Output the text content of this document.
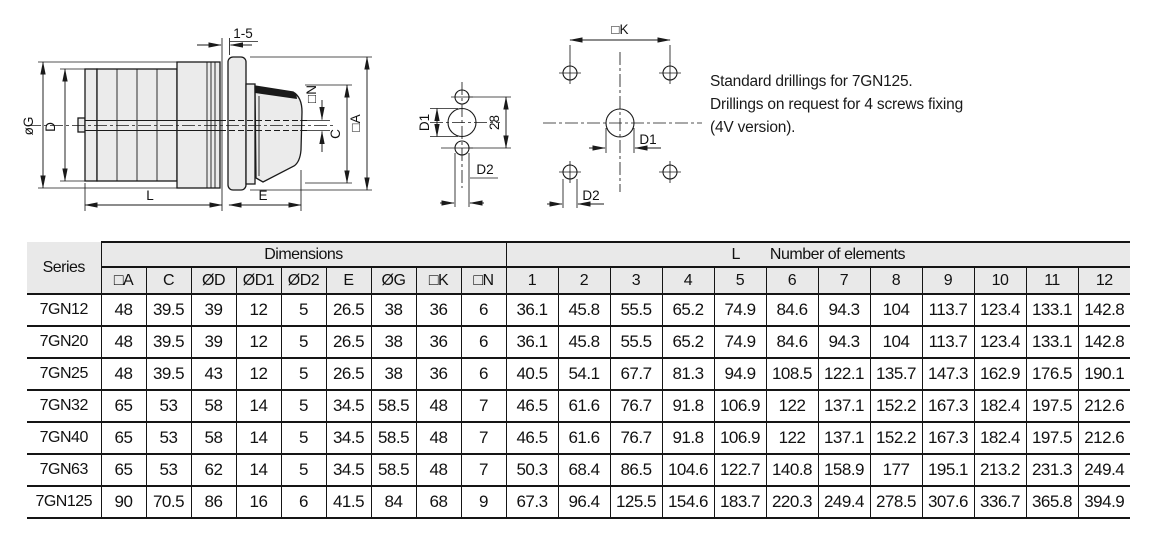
øG D
L	E
1-5
□N
C
□A	D1	28
D2
□K
D1
D2
Standard drillings for 7GN125.
Drillings on request for 4 screws fixing
(4V version).
Series	Dimensions									L Number of elements											
	□A	C	ØD	ØD1	ØD2	E	ØG	□K	□N	1	2	3	4	5	6	7	8	9	10	11	12
7GN12	48	39.5	39	12	5	26.5	38	36	6	36.1	45.8	55.5	65.2	74.9	84.6	94.3	104	113.7	123.4	133.1	142.8
7GN20	48	39.5	39	12	5	26.5	38	36	6	36.1	45.8	55.5	65.2	74.9	84.6	94.3	104	113.7	123.4	133.1	142.8
7GN25	48	39.5	43	12	5	26.5	38	36	6	40.5	54.1	67.7	81.3	94.9	108.5	122.1	135.7	147.3	162.9	176.5	190.1
7GN32	65	53	58	14	5	34.5	58.5	48	7	46.5	61.6	76.7	91.8	106.9	122	137.1	152.2	167.3	182.4	197.5	212.6
7GN40	65	53	58	14	5	34.5	58.5	48	7	46.5	61.6	76.7	91.8	106.9	122	137.1	152.2	167.3	182.4	197.5	212.6
7GN63	65	53	62	14	5	34.5	58.5	48	7	50.3	68.4	86.5	104.6	122.7	140.8	158.9	177	195.1	213.2	231.3	249.4
7GN125	90	70.5	86	16	6	41.5	84	68	9	67.3	96.4	125.5	154.6	183.7	220.3	249.4	278.5	307.6	336.7	365.8	394.9
